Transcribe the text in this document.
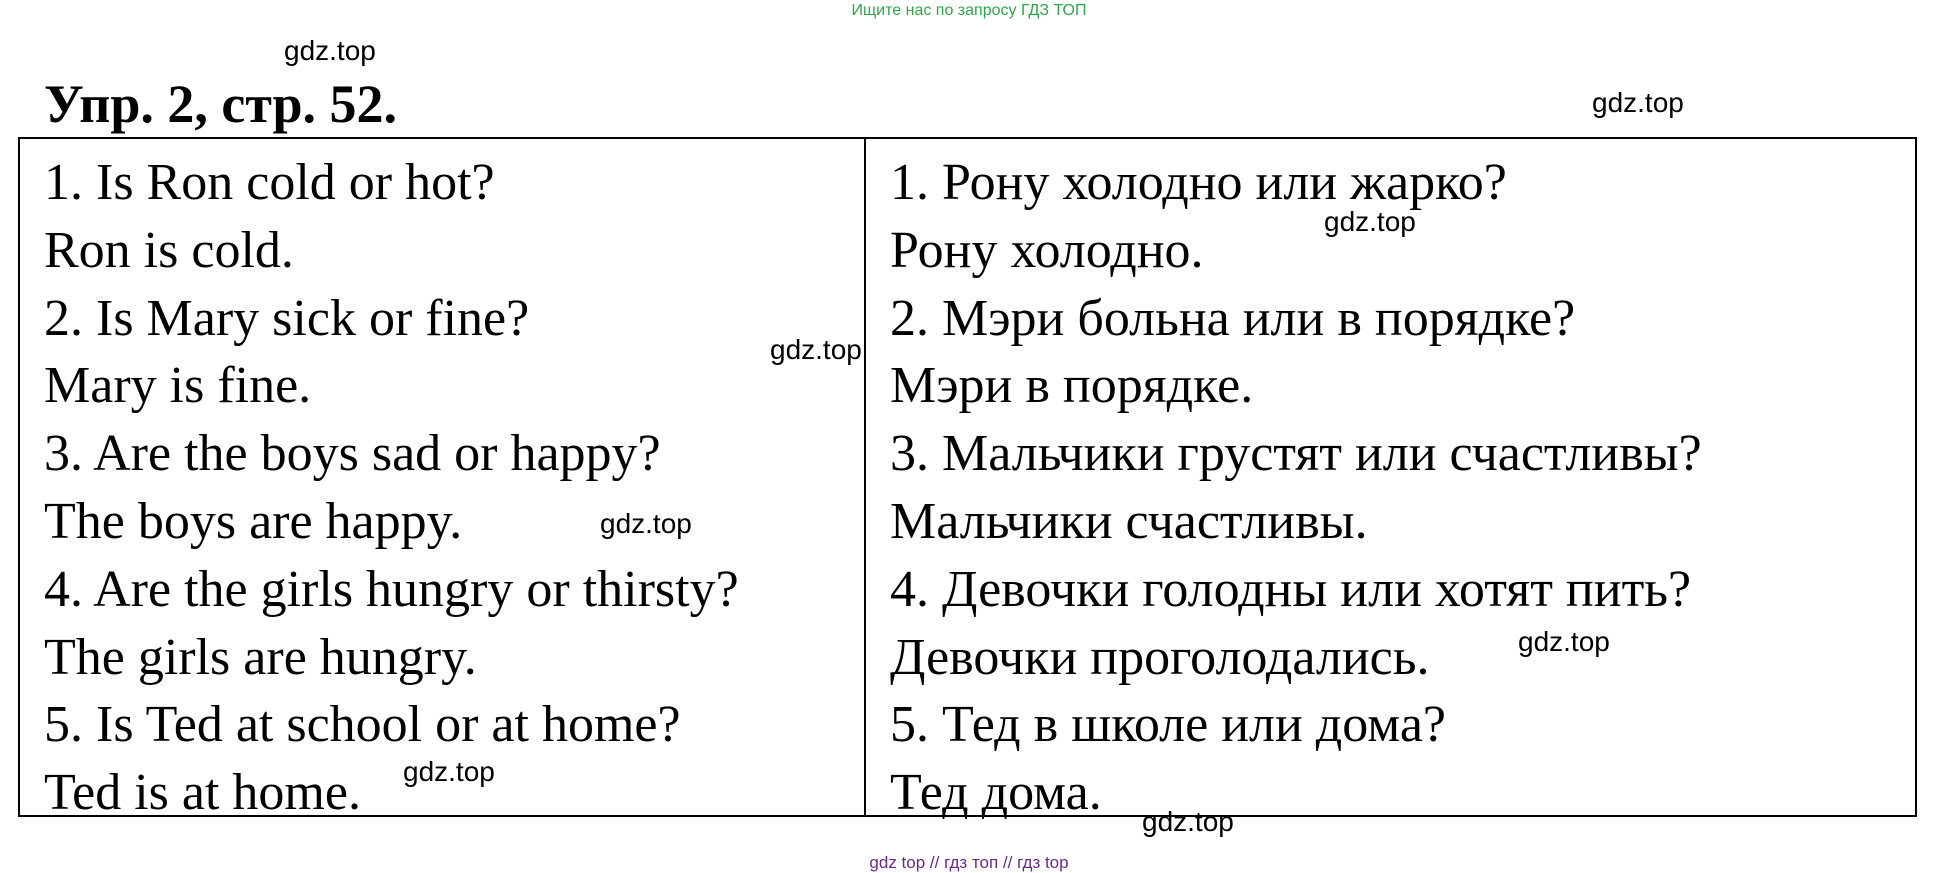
Ищите нас по запросу ГДЗ ТОП
Упр. 2, стр. 52.
1. Is Ron cold or hot?
Ron is cold.
2. Is Mary sick or fine?
Mary is fine.
3. Are the boys sad or happy?
The boys are happy.
4. Are the girls hungry or thirsty?
The girls are hungry.
5. Is Ted at school or at home?
Ted is at home.
1. Рону холодно или жарко?
Рону холодно.
2. Мэри больна или в порядке?
Мэри в порядке.
3. Мальчики грустят или счастливы?
Мальчики счастливы.
4. Девочки голодны или хотят пить?
Девочки проголодались.
5. Тед в школе или дома?
Тед дома.
gdz.top
gdz.top
gdz.top
gdz.top
gdz.top
gdz.top
gdz.top
gdz.top
gdz top // гдз топ // гдз top
